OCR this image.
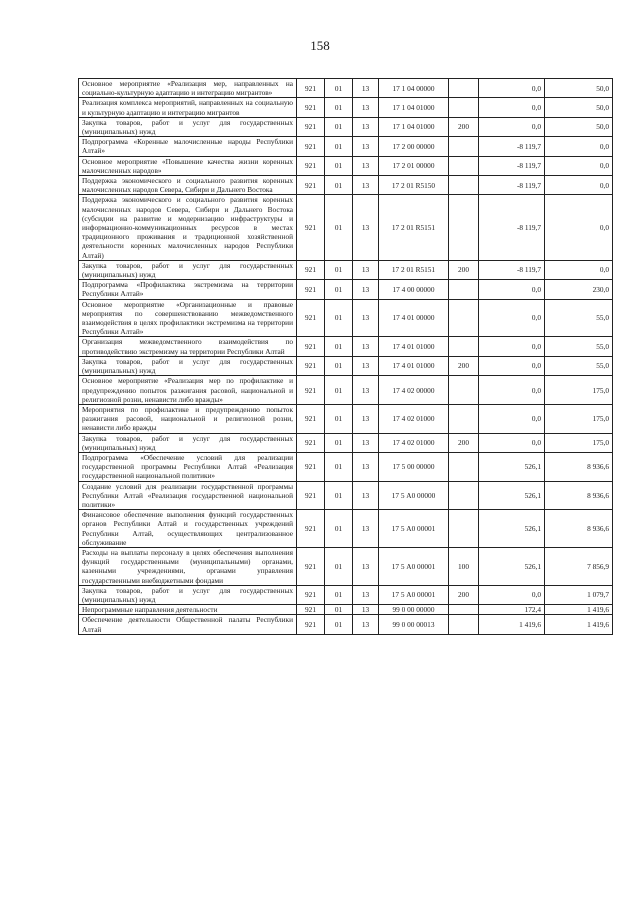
158
Основное мероприятие «Реализация мер, направленных на социально-культурную адаптацию и интеграцию мигрантов»	921	01	13	17 1 04 00000		0,0	50,0
Реализация комплекса мероприятий, направленных на социальную и культурную адаптацию и интеграцию мигрантов	921	01	13	17 1 04 01000		0,0	50,0
Закупка товаров, работ и услуг для государственных (муниципальных) нужд	921	01	13	17 1 04 01000	200	0,0	50,0
Подпрограмма «Коренные малочисленные народы Республики Алтай»	921	01	13	17 2 00 00000		-8 119,7	0,0
Основное мероприятие «Повышение качества жизни коренных малочисленных народов»	921	01	13	17 2 01 00000		-8 119,7	0,0
Поддержка экономического и социального развития коренных малочисленных народов Севера, Сибири и Дальнего Востока	921	01	13	17 2 01 R5150		-8 119,7	0,0
Поддержка экономического и социального развития коренных малочисленных народов Севера, Сибири и Дальнего Востока (субсидии на развитие и модернизацию инфраструктуры и информационно-коммуникационных ресурсов в местах традиционного проживания и традиционной хозяйственной деятельности коренных малочисленных народов Республики Алтай)	921	01	13	17 2 01 R5151		-8 119,7	0,0
Закупка товаров, работ и услуг для государственных (муниципальных) нужд	921	01	13	17 2 01 R5151	200	-8 119,7	0,0
Подпрограмма «Профилактика экстремизма на территории Республики Алтай»	921	01	13	17 4 00 00000		0,0	230,0
Основное мероприятие «Организационные и правовые мероприятия по совершенствованию межведомственного взаимодействия в целях профилактики экстремизма на территории Республики Алтай»	921	01	13	17 4 01 00000		0,0	55,0
Организация межведомственного взаимодействия по противодействию экстремизму на территории Республики Алтай	921	01	13	17 4 01 01000		0,0	55,0
Закупка товаров, работ и услуг для государственных (муниципальных) нужд	921	01	13	17 4 01 01000	200	0,0	55,0
Основное мероприятие «Реализация мер по профилактике и предупреждению попыток разжигания расовой, национальной и религиозной розни, ненависти либо вражды»	921	01	13	17 4 02 00000		0,0	175,0
Мероприятия по профилактике и предупреждению попыток разжигания расовой, национальной и религиозной розни, ненависти либо вражды	921	01	13	17 4 02 01000		0,0	175,0
Закупка товаров, работ и услуг для государственных (муниципальных) нужд	921	01	13	17 4 02 01000	200	0,0	175,0
Подпрограмма «Обеспечение условий для реализации государственной программы Республики Алтай «Реализация государственной национальной политики»	921	01	13	17 5 00 00000		526,1	8 936,6
Создание условий для реализации государственной программы Республики Алтай «Реализация государственной национальной политики»	921	01	13	17 5 А0 00000		526,1	8 936,6
Финансовое обеспечение выполнения функций государственных органов Республики Алтай и государственных учреждений Республики Алтай, осуществляющих централизованное обслуживание	921	01	13	17 5 А0 00001		526,1	8 936,6
Расходы на выплаты персоналу в целях обеспечения выполнения функций государственными (муниципальными) органами, казенными учреждениями, органами управления государственными внебюджетными фондами	921	01	13	17 5 А0 00001	100	526,1	7 856,9
Закупка товаров, работ и услуг для государственных (муниципальных) нужд	921	01	13	17 5 А0 00001	200	0,0	1 079,7
Непрограммные направления деятельности	921	01	13	99 0 00 00000		172,4	1 419,6
Обеспечение деятельности Общественной палаты Республики Алтай	921	01	13	99 0 00 00013		1 419,6	1 419,6
